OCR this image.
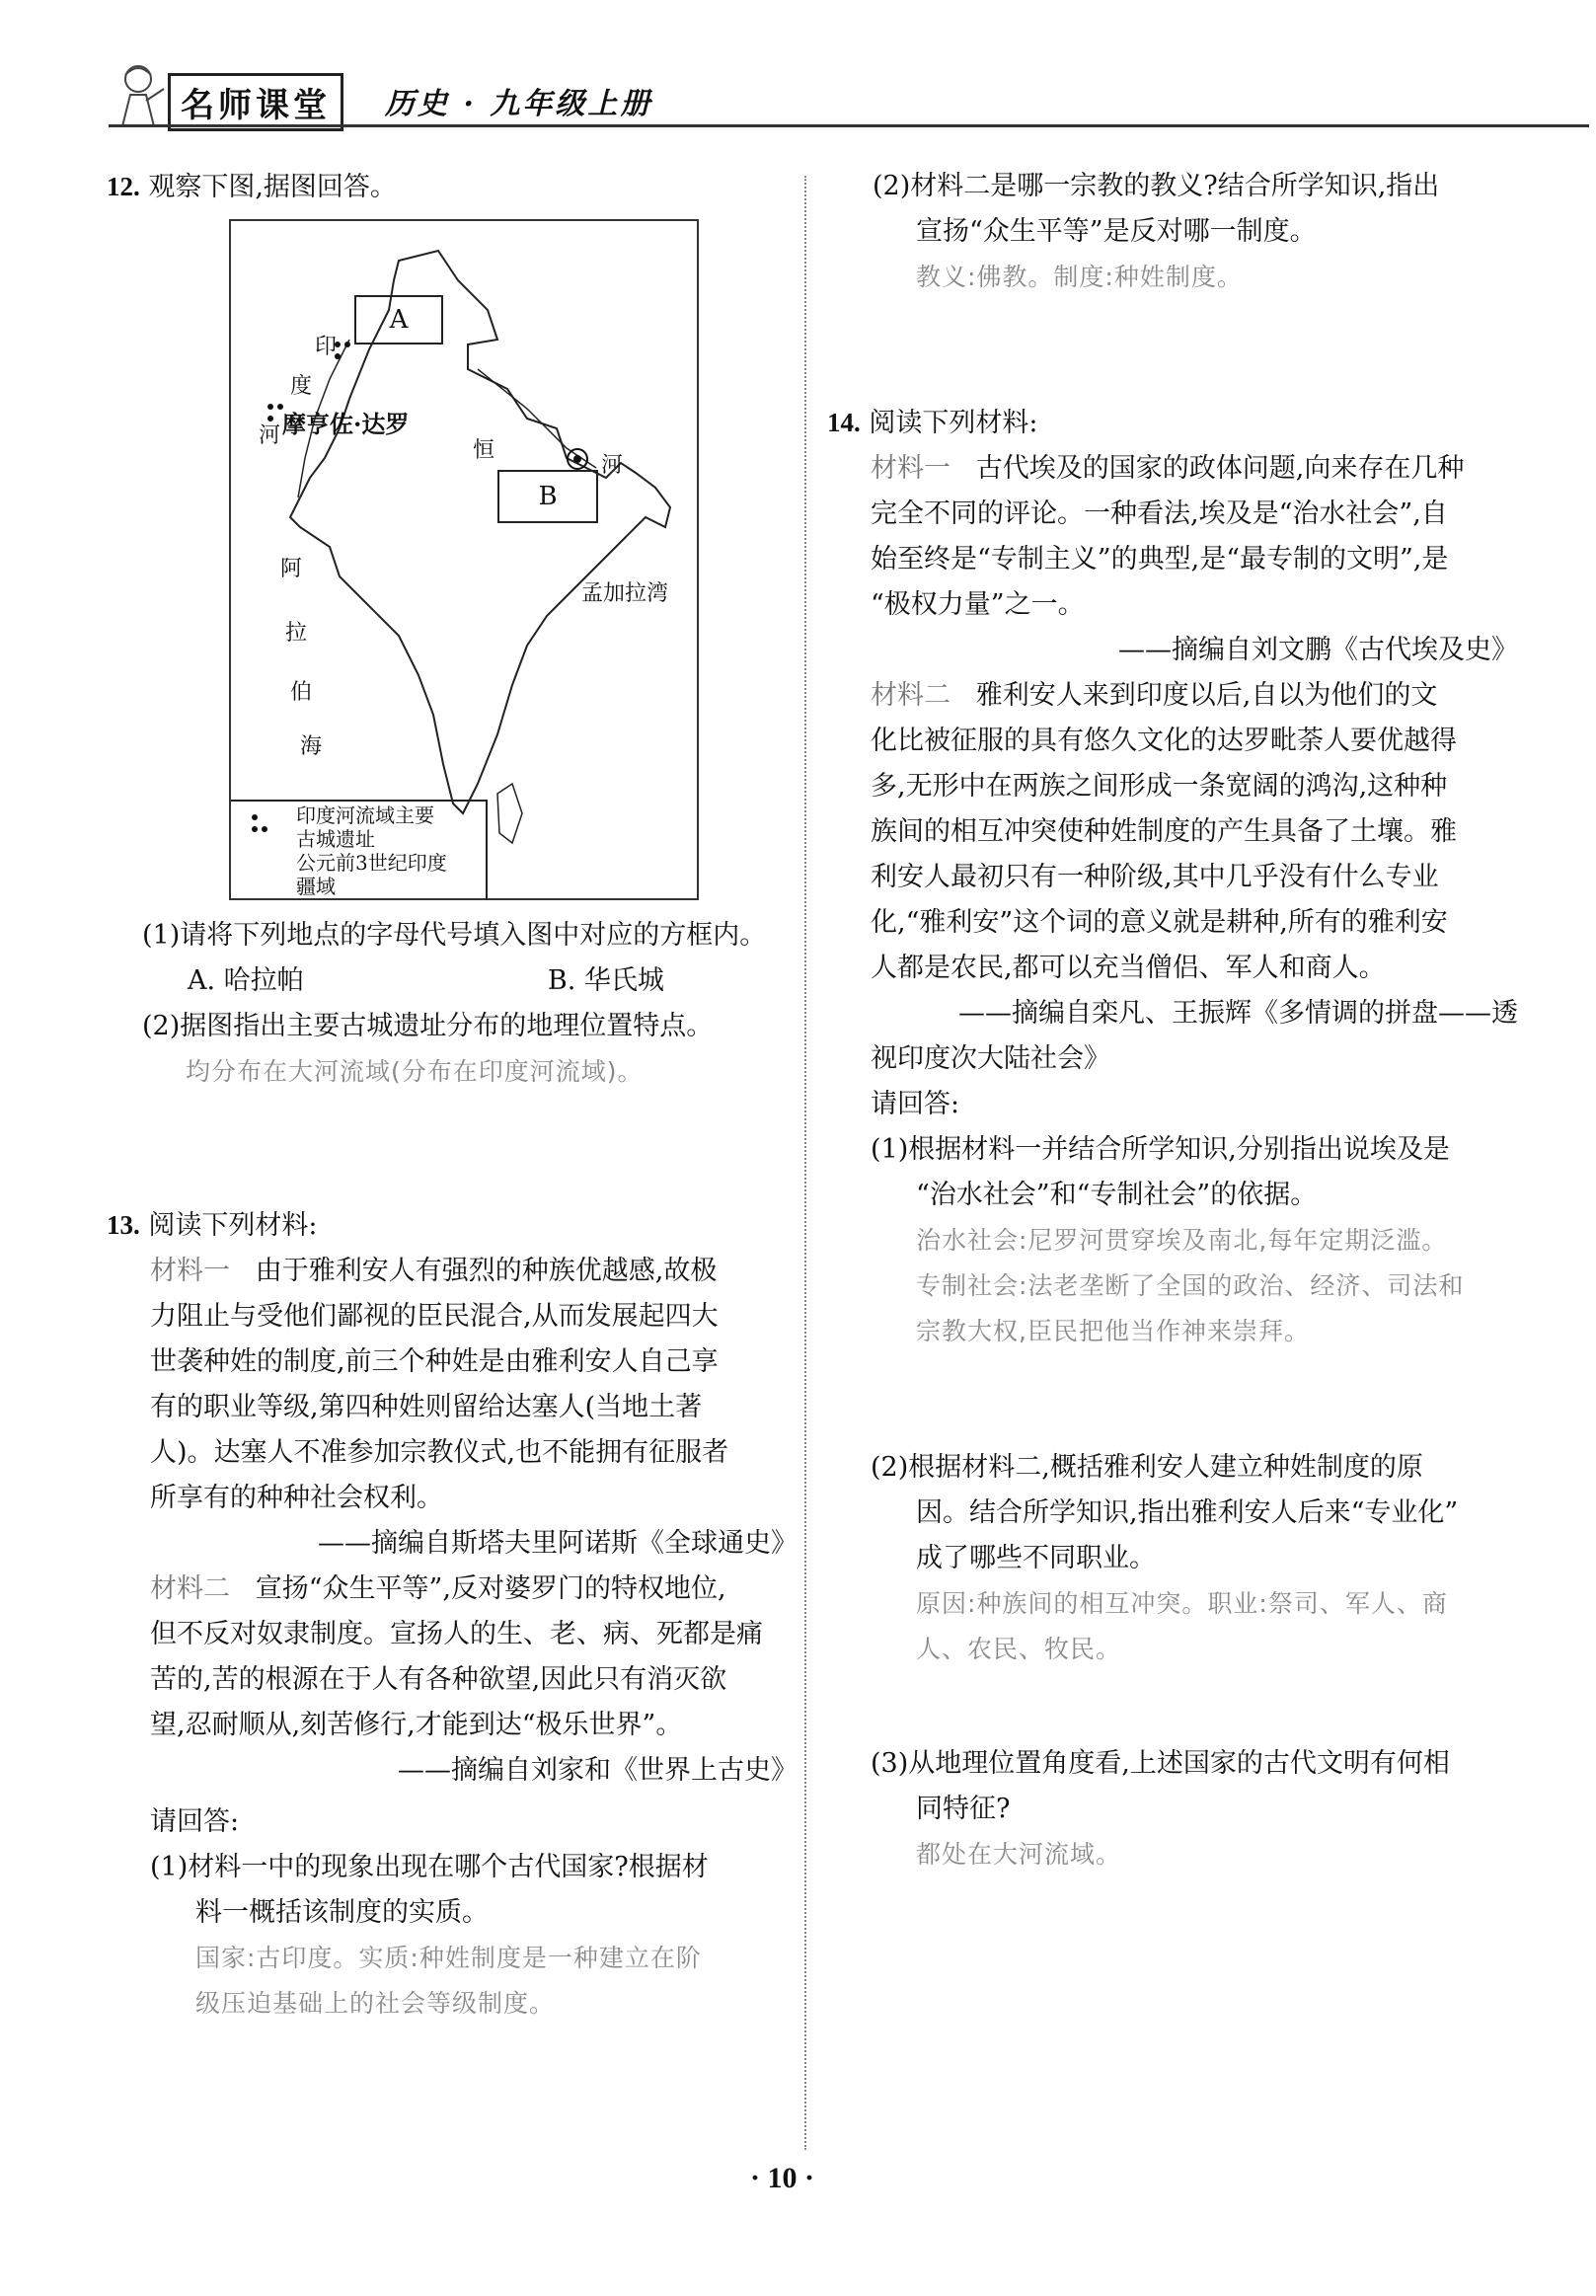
名师课堂	历史 · 九年级上册

12. 观察下图,据图回答。

A
B
印
度
河 摩亨佐·达罗
恒
河
孟加拉湾
阿
拉
伯
海
印度河流域主要
古城遗址
公元前3世纪印度
疆域

(1)请将下列地点的字母代号填入图中对应的方框内。

A. 哈拉帕	B. 华氏城

(2)据图指出主要古城遗址分布的地理位置特点。

均分布在大河流域(分布在印度河流域)。

13. 阅读下列材料:

材料一 由于雅利安人有强烈的种族优越感,故极

力阻止与受他们鄙视的臣民混合,从而发展起四大

世袭种姓的制度,前三个种姓是由雅利安人自己享

有的职业等级,第四种姓则留给达塞人(当地土著

人)。达塞人不准参加宗教仪式,也不能拥有征服者

所享有的种种社会权利。

——摘编自斯塔夫里阿诺斯《全球通史》

材料二 宣扬“众生平等”,反对婆罗门的特权地位,

但不反对奴隶制度。宣扬人的生、老、病、死都是痛

苦的,苦的根源在于人有各种欲望,因此只有消灭欲

望,忍耐顺从,刻苦修行,才能到达“极乐世界”。

——摘编自刘家和《世界上古史》

请回答:

(1)材料一中的现象出现在哪个古代国家?根据材

料一概括该制度的实质。

国家:古印度。实质:种姓制度是一种建立在阶

级压迫基础上的社会等级制度。

(2)材料二是哪一宗教的教义?结合所学知识,指出

宣扬“众生平等”是反对哪一制度。

教义:佛教。制度:种姓制度。

14. 阅读下列材料:

材料一 古代埃及的国家的政体问题,向来存在几种

完全不同的评论。一种看法,埃及是“治水社会”,自

始至终是“专制主义”的典型,是“最专制的文明”,是

“极权力量”之一。

——摘编自刘文鹏《古代埃及史》

材料二 雅利安人来到印度以后,自以为他们的文

化比被征服的具有悠久文化的达罗毗荼人要优越得

多,无形中在两族之间形成一条宽阔的鸿沟,这种种

族间的相互冲突使种姓制度的产生具备了土壤。雅

利安人最初只有一种阶级,其中几乎没有什么专业

化,“雅利安”这个词的意义就是耕种,所有的雅利安

人都是农民,都可以充当僧侣、军人和商人。

——摘编自栾凡、王振辉《多情调的拼盘——透

视印度次大陆社会》

请回答:

(1)根据材料一并结合所学知识,分别指出说埃及是

“治水社会”和“专制社会”的依据。

治水社会:尼罗河贯穿埃及南北,每年定期泛滥。

专制社会:法老垄断了全国的政治、经济、司法和

宗教大权,臣民把他当作神来崇拜。

(2)根据材料二,概括雅利安人建立种姓制度的原

因。结合所学知识,指出雅利安人后来“专业化”

成了哪些不同职业。

原因:种族间的相互冲突。职业:祭司、军人、商

人、农民、牧民。

(3)从地理位置角度看,上述国家的古代文明有何相

同特征?

都处在大河流域。

· 10 ·
